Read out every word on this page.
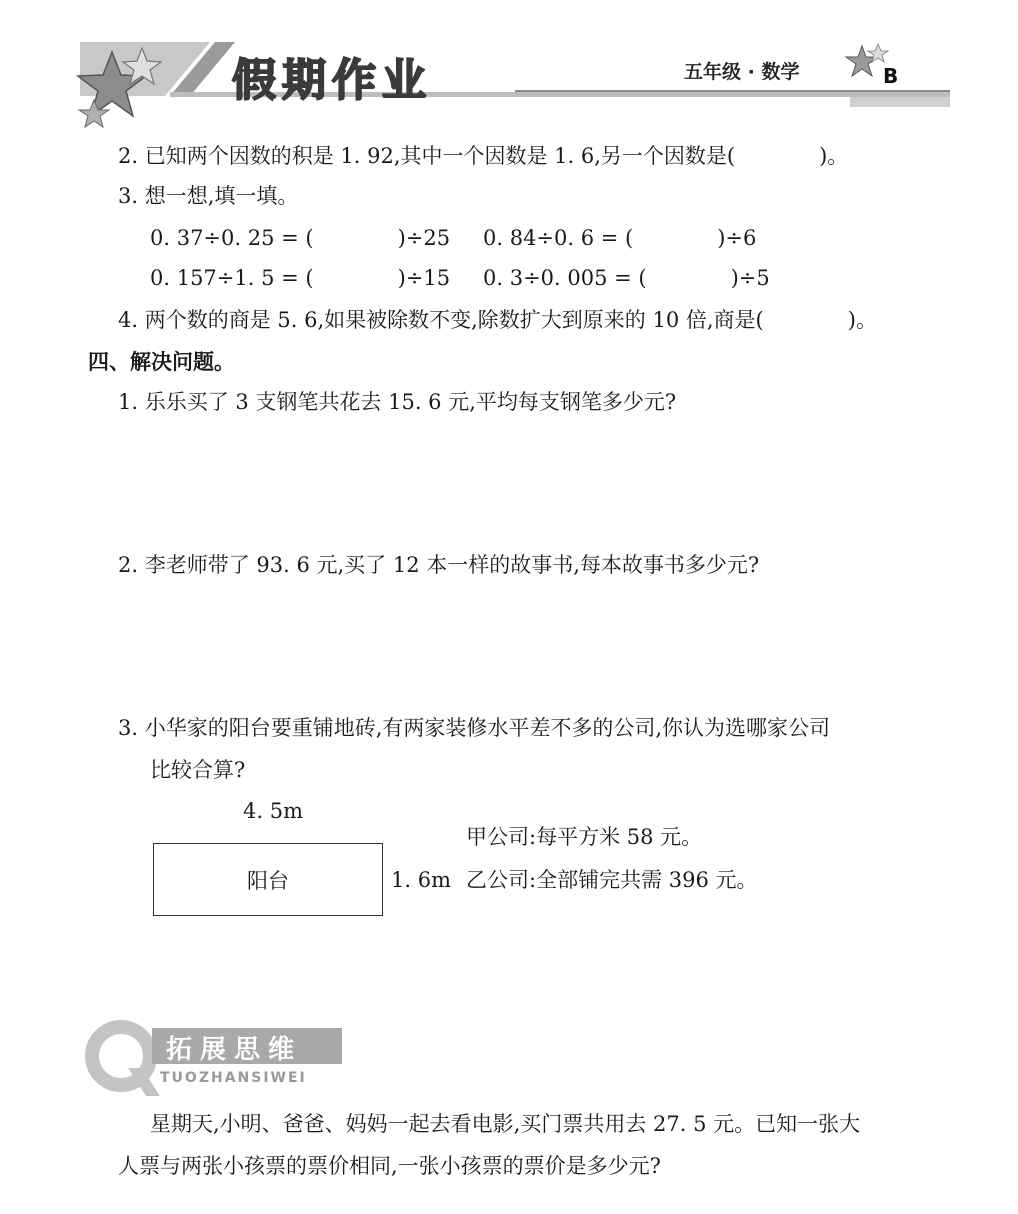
假期作业	五年级 · 数学	B
2. 已知两个因数的积是 1. 92,其中一个因数是 1. 6,另一个因数是(　　　　)。
3. 想一想,填一填。
0. 37÷0. 25 = (　　　　)÷25 0. 84÷0. 6 = (　　　　)÷6
0. 157÷1. 5 = (　　　　)÷15 0. 3÷0. 005 = (　　　　)÷5
4. 两个数的商是 5. 6,如果被除数不变,除数扩大到原来的 10 倍,商是(　　　　)。
四、解决问题。
1. 乐乐买了 3 支钢笔共花去 15. 6 元,平均每支钢笔多少元?
2. 李老师带了 93. 6 元,买了 12 本一样的故事书,每本故事书多少元?
3. 小华家的阳台要重铺地砖,有两家装修水平差不多的公司,你认为选哪家公司
比较合算?
4. 5m
阳台	1. 6m
甲公司:每平方米 58 元。
乙公司:全部铺完共需 396 元。
拓展思维
TUOZHANSIWEI
星期天,小明、爸爸、妈妈一起去看电影,买门票共用去 27. 5 元。已知一张大
人票与两张小孩票的票价相同,一张小孩票的票价是多少元?
